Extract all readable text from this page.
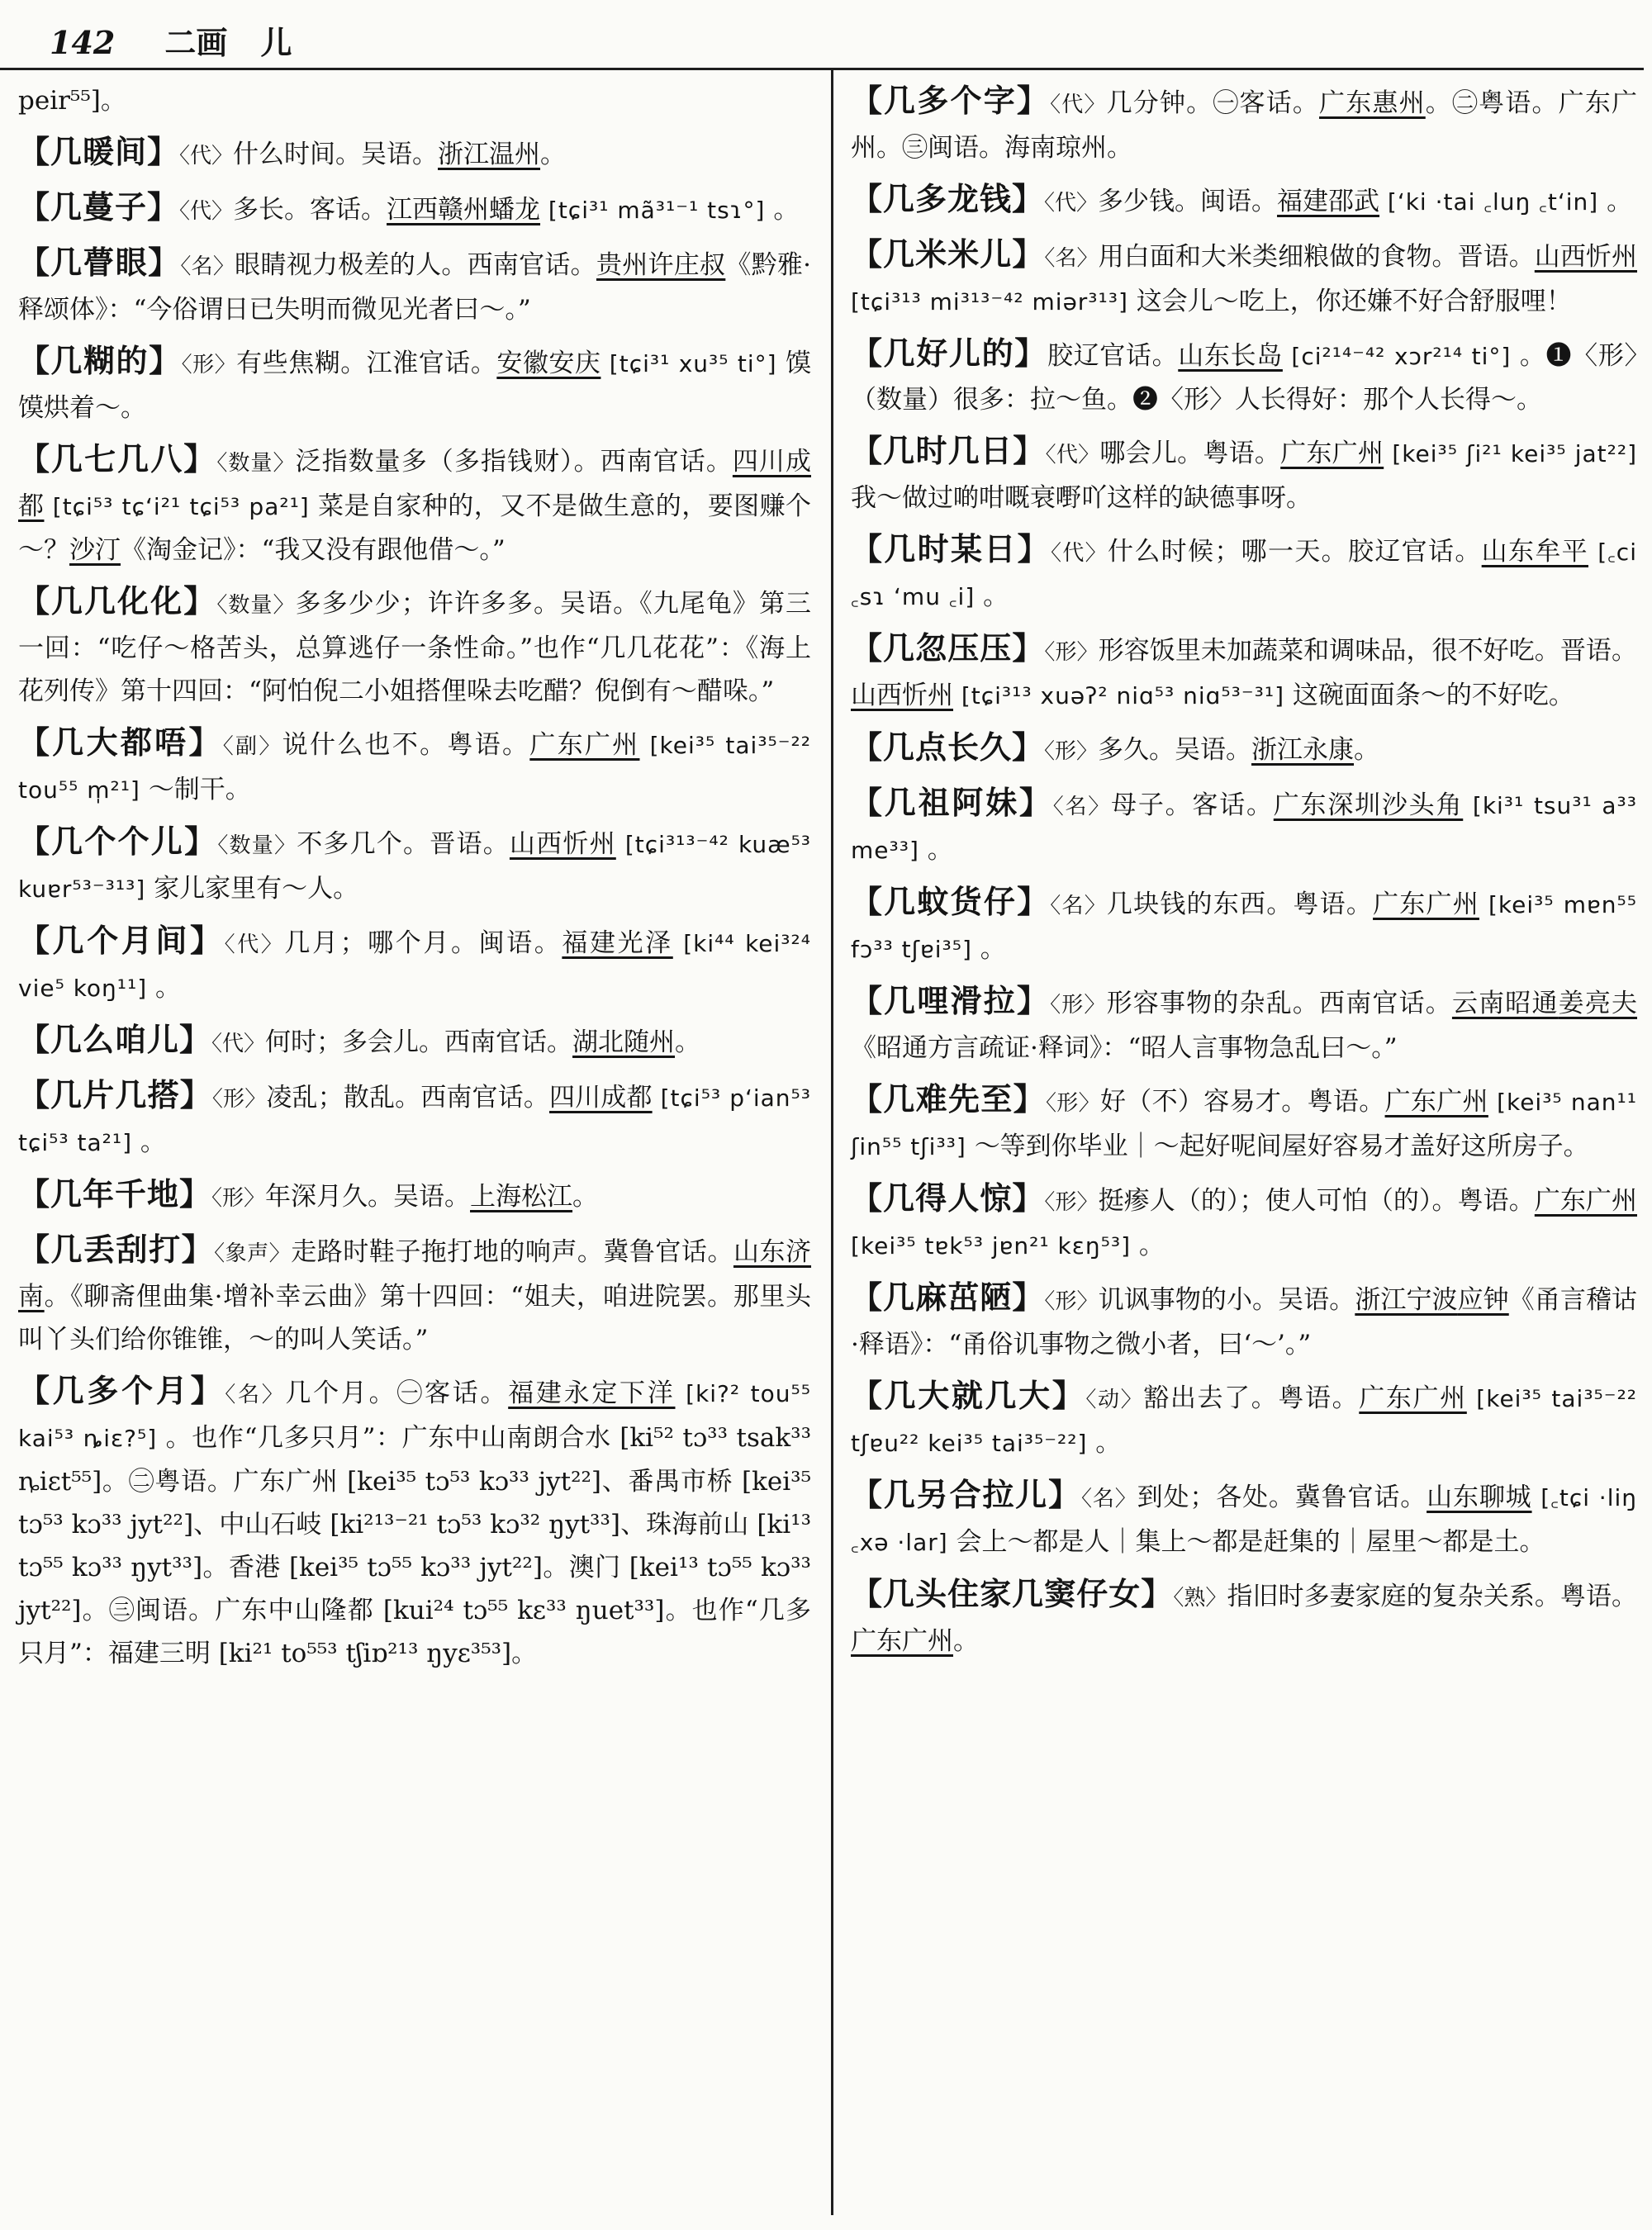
142 二画 儿

peir⁵⁵]。

【几暖间】〈代〉什么时间。吴语。浙江温州。

【几蔓子】〈代〉多长。客话。江西赣州蟠龙 [tɕi³¹ mã³¹⁻¹ tsɿ°] 。

【几瞢眼】〈名〉眼睛视力极差的人。西南官话。贵州许庄叔《黔雅·释颂体》：“今俗谓日已失明而微见光者曰～。”

【几糊的】〈形〉有些焦糊。江淮官话。安徽安庆 [tɕi³¹ xu³⁵ ti°] 馍馍烘着～。

【几七几八】〈数量〉泛指数量多（多指钱财）。西南官话。四川成都 [tɕi⁵³ tɕʻi²¹ tɕi⁵³ pa²¹] 菜是自家种的，又不是做生意的，要图赚个～？沙汀《淘金记》：“我又没有跟他借～。”

【几几化化】〈数量〉多多少少；许许多多。吴语。《九尾龟》第三一回：“吃仔～格苦头，总算逃仔一条性命。”也作“几几花花”：《海上花列传》第十四回：“阿怕倪二小姐搭俚哚去吃醋？倪倒有～醋哚。”

【几大都唔】〈副〉说什么也不。粤语。广东广州 [kei³⁵ tai³⁵⁻²² tou⁵⁵ m̩²¹] ～制干。

【几个个儿】〈数量〉不多几个。晋语。山西忻州 [tɕi³¹³⁻⁴² kuæ⁵³ kuɐr⁵³⁻³¹³] 家儿家里有～人。

【几个月间】〈代〉几月；哪个月。闽语。福建光泽 [ki⁴⁴ kei³²⁴ vie⁵ koŋ¹¹] 。

【几么咱儿】〈代〉何时；多会儿。西南官话。湖北随州。

【几片几搭】〈形〉凌乱；散乱。西南官话。四川成都 [tɕi⁵³ pʻian⁵³ tɕi⁵³ ta²¹] 。

【几年千地】〈形〉年深月久。吴语。上海松江。

【几丢刮打】〈象声〉走路时鞋子拖打地的响声。冀鲁官话。山东济南。《聊斋俚曲集·增补幸云曲》第十四回：“姐夫，咱进院罢。那里头叫丫头们给你锥锥，～的叫人笑话。”

【几多个月】〈名〉几个月。㊀客话。福建永定下洋 [ki?² tou⁵⁵ kai⁵³ ȵiɛ?⁵] 。也作“几多只月”：广东中山南朗合水 [ki⁵² tɔ³³ tsak³³ ȵiɛt⁵⁵]。㊁粤语。广东广州 [kei³⁵ tɔ⁵³ kɔ³³ jyt²²]、番禺市桥 [kei³⁵ tɔ⁵³ kɔ³³ jyt²²]、中山石岐 [ki²¹³⁻²¹ tɔ⁵³ kɔ³² ŋyt³³]、珠海前山 [ki¹³ tɔ⁵⁵ kɔ³³ ŋyt³³]。香港 [kei³⁵ tɔ⁵⁵ kɔ³³ jyt²²]。澳门 [kei¹³ tɔ⁵⁵ kɔ³³ jyt²²]。㊂闽语。广东中山隆都 [kui²⁴ tɔ⁵⁵ kɛ³³ ŋuet³³]。也作“几多只月”：福建三明 [ki²¹ to⁵⁵³ tʃiɒ²¹³ ŋyɛ³⁵³]。

【几多个字】〈代〉几分钟。㊀客话。广东惠州。㊁粤语。广东广州。㊂闽语。海南琼州。

【几多龙钱】〈代〉多少钱。闽语。福建邵武 [ʻki ·tai ꜀luŋ ꜀tʻin] 。

【几米米儿】〈名〉用白面和大米类细粮做的食物。晋语。山西忻州 [tɕi³¹³ mi³¹³⁻⁴² miər³¹³] 这会儿～吃上，你还嫌不好合舒服哩！

【几好儿的】胶辽官话。山东长岛 [ci²¹⁴⁻⁴² xɔr²¹⁴ ti°] 。❶〈形〉（数量）很多：拉～鱼。❷〈形〉人长得好：那个人长得～。

【几时几日】〈代〉哪会儿。粤语。广东广州 [kei³⁵ ʃi²¹ kei³⁵ jat²²] 我～做过啲咁嘅衰嘢吖这样的缺德事呀。

【几时某日】〈代〉什么时候；哪一天。胶辽官话。山东牟平 [꜀ci ꜀sɿ ʻmu ꜀i] 。

【几忽压压】〈形〉形容饭里未加蔬菜和调味品，很不好吃。晋语。山西忻州 [tɕi³¹³ xuəʔ² niɑ⁵³ niɑ⁵³⁻³¹] 这碗面面条～的不好吃。

【几点长久】〈形〉多久。吴语。浙江永康。

【几祖阿妹】〈名〉母子。客话。广东深圳沙头角 [ki³¹ tsu³¹ a³³ me³³] 。

【几蚊货仔】〈名〉几块钱的东西。粤语。广东广州 [kei³⁵ mɐn⁵⁵ fɔ³³ tʃɐi³⁵] 。

【几哩滑拉】〈形〉形容事物的杂乱。西南官话。云南昭通姜亮夫《昭通方言疏证·释词》：“昭人言事物急乱曰～。”

【几难先至】〈形〉好（不）容易才。粤语。广东广州 [kei³⁵ nan¹¹ ʃin⁵⁵ tʃi³³] ～等到你毕业｜～起好呢间屋好容易才盖好这所房子。

【几得人惊】〈形〉挺瘆人（的）；使人可怕（的）。粤语。广东广州 [kei³⁵ tɐk⁵³ jɐn²¹ kɛŋ⁵³] 。

【几麻茁陋】〈形〉讥讽事物的小。吴语。浙江宁波应钟《甬言稽诂·释语》：“甬俗讥事物之微小者，曰‘～’。”

【几大就几大】〈动〉豁出去了。粤语。广东广州 [kei³⁵ tai³⁵⁻²² tʃɐu²² kei³⁵ tai³⁵⁻²²] 。

【几另合拉儿】〈名〉到处；各处。冀鲁官话。山东聊城 [꜀tɕi ·liŋ ꜀xə ·lar] 会上～都是人｜集上～都是赶集的｜屋里～都是土。

【几头住家几窦仔女】〈熟〉指旧时多妻家庭的复杂关系。粤语。广东广州。
